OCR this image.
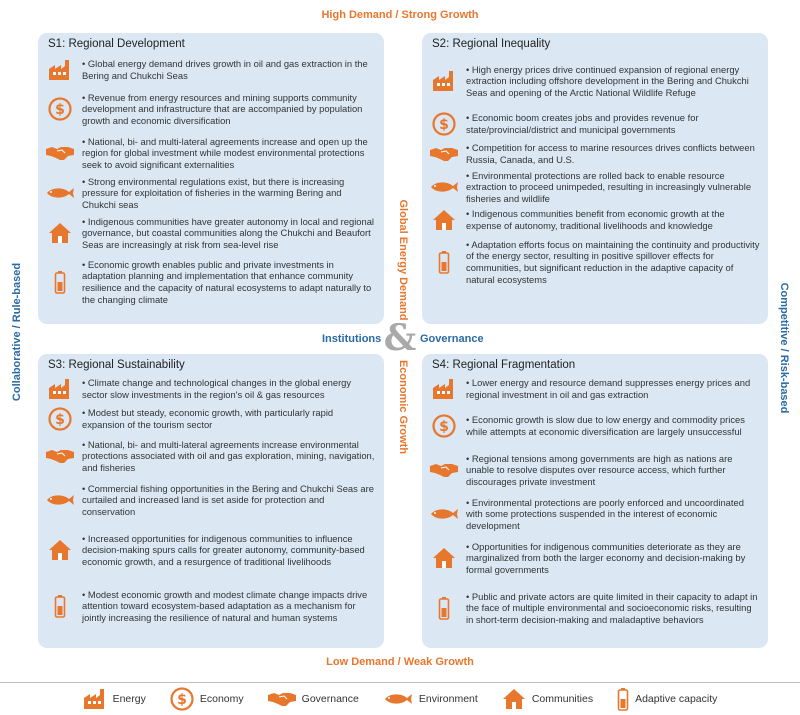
High Demand / Strong Growth
Low Demand / Weak Growth
Collaborative / Rule-based	Competitive / Risk-based
S1: Regional Development
• Global energy demand drives growth in oil and gas extraction in the Bering and Chukchi Seas
$
• Revenue from energy resources and mining supports community development and infrastructure that are accompanied by population growth and economic diversification
• National, bi- and multi-lateral agreements increase and open up the region for global investment while modest environmental protections seek to avoid significant externalities
• Strong environmental regulations exist, but there is increasing pressure for exploitation of fisheries in the warming Bering and Chukchi seas
• Indigenous communities have greater autonomy in local and regional governance, but coastal communities along the Chukchi and Beaufort Seas are increasingly at risk from sea-level rise
• Economic growth enables public and private investments in adaptation planning and implementation that enhance community resilience and the capacity of natural ecosystems to adapt naturally to the changing climate
S2: Regional Inequality
• High energy prices drive continued expansion of regional energy extraction including offshore development in the Bering and Chukchi Seas and opening of the Arctic National Wildlife Refuge
$ • Economic boom creates jobs and provides revenue for state/provincial/district and municipal governments
• Competition for access to marine resources drives conflicts between Russia, Canada, and U.S.
• Environmental protections are rolled back to enable resource extraction to proceed unimpeded, resulting in increasingly vulnerable fisheries and wildlife
• Indigenous communities benefit from economic growth at the expense of autonomy, traditional livelihoods and knowledge
• Adaptation efforts focus on maintaining the continuity and productivity of the energy sector, resulting in positive spillover effects for communities, but significant reduction in the adaptive capacity of natural ecosystems
S3: Regional Sustainability
• Climate change and technological changes in the global energy sector slow investments in the region's oil & gas resources
$ • Modest but steady, economic growth, with particularly rapid expansion of the tourism sector
• National, bi- and multi-lateral agreements increase environmental protections associated with oil and gas exploration, mining, navigation, and fisheries
• Commercial fishing opportunities in the Bering and Chukchi Seas are curtailed and increased land is set aside for protection and conservation
• Increased opportunities for indigenous communities to influence decision-making spurs calls for greater autonomy, community-based economic growth, and a resurgence of traditional livelihoods
• Modest economic growth and modest climate change impacts drive attention toward ecosystem-based adaptation as a mechanism for jointly increasing the resilience of natural and human systems
S4: Regional Fragmentation
• Lower energy and resource demand suppresses energy prices and regional investment in oil and gas extraction
$ • Economic growth is slow due to low energy and commodity prices while attempts at economic diversification are largely unsuccessful
• Regional tensions among governments are high as nations are unable to resolve disputes over resource access, which further discourages private investment
• Environmental protections are poorly enforced and uncoordinated with some protections suspended in the interest of economic development
• Opportunities for indigenous communities deteriorate as they are marginalized from both the larger economy and decision-making by formal governments
• Public and private actors are quite limited in their capacity to adapt in the face of multiple environmental and socioeconomic risks, resulting in short-term decision-making and maladaptive behaviors
Global Energy Demand
Economic Growth
Institutions	Governance
&
Energy $ Economy	Governance	Environment	Communities	Adaptive capacity
